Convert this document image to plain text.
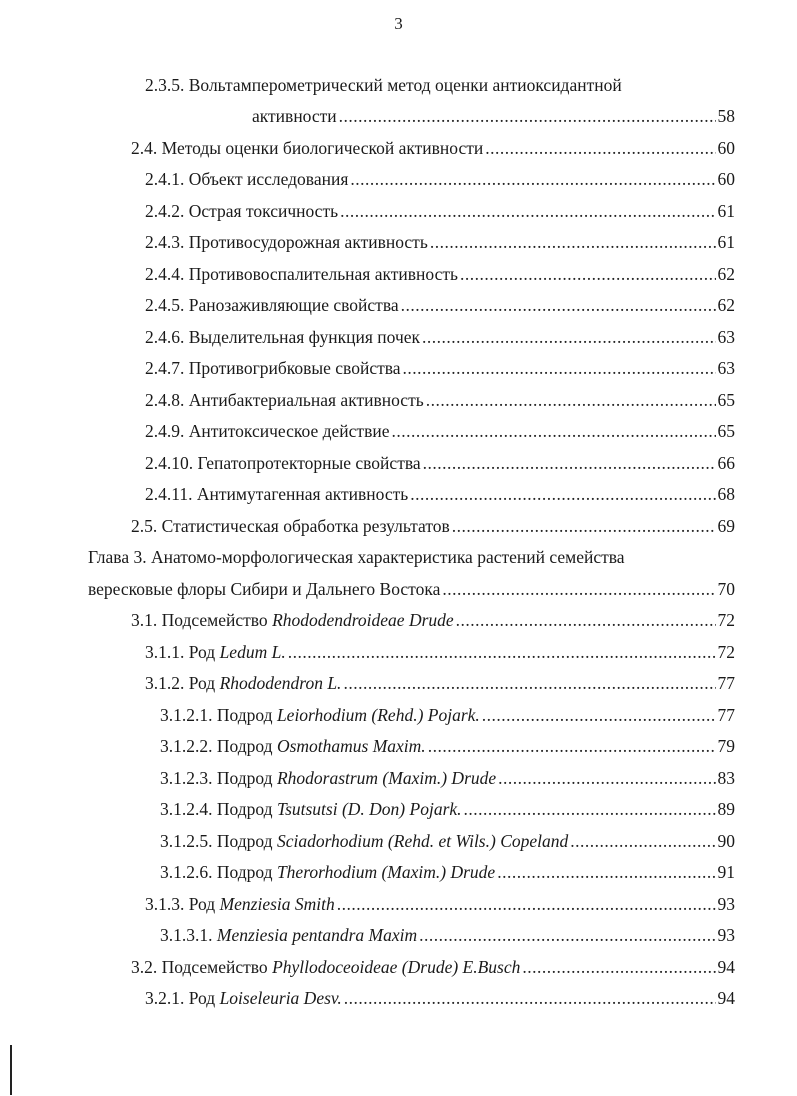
3
2.3.5. Вольтамперометрический метод оценки антиоксидантной
активности .....	58
2.4. Методы оценки биологической активности .....	60
2.4.1. Объект исследования .....	60
2.4.2. Острая токсичность .....	61
2.4.3. Противосудорожная активность .....	61
2.4.4. Противовоспалительная активность .....	62
2.4.5. Ранозаживляющие свойства .....	62
2.4.6. Выделительная функция почек .....	63
2.4.7. Противогрибковые свойства .....	63
2.4.8. Антибактериальная активность .....	65
2.4.9. Антитоксическое действие .....	65
2.4.10. Гепатопротекторные свойства .....	66
2.4.11. Антимутагенная активность .....	68
2.5. Статистическая обработка результатов .....	69
Глава 3. Анатомо-морфологическая характеристика растений семейства
вересковые флоры Сибири и Дальнего Востока .....	70
3.1. Подсемейство Rhododendroideae Drude .....	72
3.1.1. Род Ledum L. .....	72
3.1.2. Род Rhododendron L. .....	77
3.1.2.1. Подрод Leiorhodium (Rehd.) Pojark. .....	77
3.1.2.2. Подрод Osmothamus Maxim. .....	79
3.1.2.3. Подрод Rhodorastrum (Maxim.) Drude .....	83
3.1.2.4. Подрод Tsutsutsi (D. Don) Pojark. .....	89
3.1.2.5. Подрод Sciadorhodium (Rehd. et Wils.) Copeland .....	90
3.1.2.6. Подрод Therorhodium (Maxim.) Drude .....	91
3.1.3. Род Menziesia Smith .....	93
3.1.3.1. Menziesia pentandra Maxim .....	93
3.2. Подсемейство Phyllodoceoideae (Drude) E.Busch .....	94
3.2.1. Род Loiseleuria Desv. .....	94
